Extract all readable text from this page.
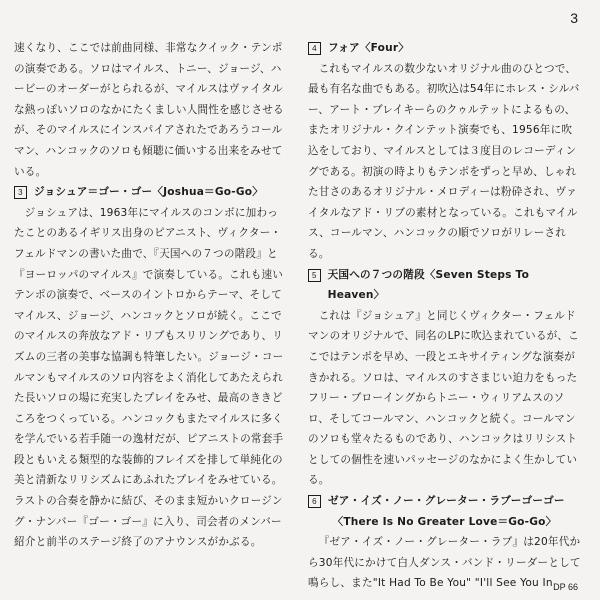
3

速くなり、ここでは前曲同様、非常なクイック・テンポの演奏である。ソロはマイルス、トニー、ジョージ、ハービーのオーダーがとられるが、マイルスはヴァイタルな熱っぽいソロのなかにたくましい人間性を感じさせるが、そのマイルスにインスパイアされたであろうコールマン、ハンコックのソロも傾聴に価いする出来をみせている。

3	ジョシュア＝ゴー・ゴー〈Joshua＝Go-Go〉

ジョシュアは、1963年にマイルスのコンボに加わったことのあるイギリス出身のピアニスト、ヴィクター・フェルドマンの書いた曲で、『天国への７つの階段』と『ヨーロッパのマイルス』で演奏している。これも速いテンポの演奏で、ベースのイントロからテーマ、そしてマイルス、ジョージ、ハンコックとソロが続く。ここでのマイルスの奔放なアド・リブもスリリングであり、リズムの三者の美事な協調も特筆したい。ジョージ・コールマンもマイルスのソロ内容をよく消化してあたえられた長いソロの場に充実したプレイをみせ、最高のききどころをつくっている。ハンコックもまたマイルスに多くを学んでいる若手随一の逸材だが、ピアニストの常套手段ともいえる類型的な装飾的フレイズを排して単純化の美と清新なリリシズムにあふれたプレイをみせている。ラストの合奏を静かに結び、そのまま短かいクロージング・ナンバー『ゴー・ゴー』に入り、司会者のメンバー紹介と前半のステージ終了のアナウンスがかぶる。

4	フォア〈Four〉

これもマイルスの数少ないオリジナル曲のひとつで、最も有名な曲でもある。初吹込は54年にホレス・シルバー、アート・ブレイキーらのクゥルテットによるもの、またオリジナル・クインテット演奏でも、1956年に吹込をしており、マイルスとしては３度目のレコーディングである。初演の時よりもテンポをずっと早め、しゃれた甘さのあるオリジナル・メロディーは粉砕され、ヴァイタルなアド・リブの素材となっている。これもマイルス、コールマン、ハンコックの順でソロがリレーされる。

5	天国への７つの階段〈Seven Steps To Heaven〉

これは『ジョシュア』と同じくヴィクター・フェルドマンのオリジナルで、同名のLPに吹込まれているが、ここではテンポを早め、一段とエキサイティングな演奏がきかれる。ソロは、マイルスのすさまじい迫力をもったフリー・ブローイングからトニー・ウィリアムスのソロ、そしてコールマン、ハンコックと続く。コールマンのソロも堂々たるものであり、ハンコックはリリシストとしての個性を速いパッセージのなかによく生かしている。

6	ゼア・イズ・ノー・グレーター・ラブーゴーゴー

〈There Is No Greater Love＝Go-Go〉

『ゼア・イズ・ノー・グレーター・ラブ』は20年代から30年代にかけて白人ダンス・バンド・リーダーとして鳴らし、また"It Had To Be You" "I'll See You In DP 66
